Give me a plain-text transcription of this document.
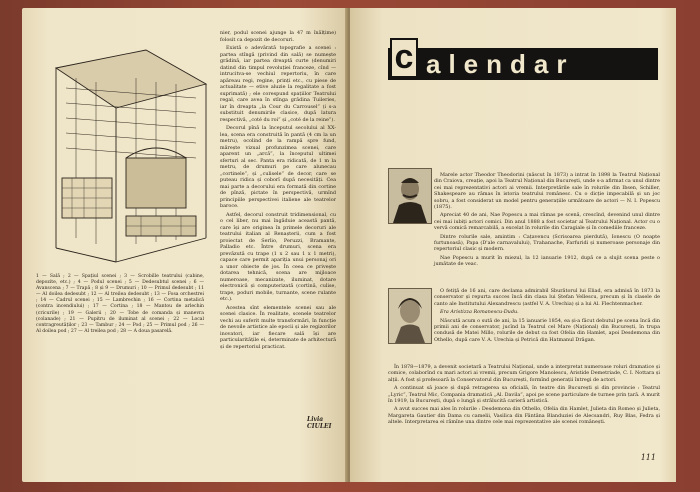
1 — Sală ; 2 — Spațiul scenei ; 3 — Scrobille teatrului (cabine, depozite, etc.) ; 4 — Podul scenei ; 5 — Dedesubtul scenei ; 6 — Avanscena ; 7 — Trapă ; 8 și 9 — Drumuri ; 10 — Primul dedesubt ; 11 — Al doilea dedesubt ; 12 — Al treilea dedesubt ; 13 — Fosa orchestrei ; 14 — Cadrul scenei ; 15 — Lambrechin ; 16 — Cortina metalică (contra incendiului) ; 17 — Cortina ; 18 — Mantou de arlechin (cricurile) ; 19 — Galerii ; 20 — Tobe de comanda și manevra (colanade) ; 21 — Pupitru de iluminat al scenei ; 22 — Local contragreutăților ; 23 — Tambur ; 24 — Pod ; 25 — Primul pod ; 26 — Al doilea pod ; 27 — Al treilea pod ; 28 — A doua pasarelă.

nier, podul scenei ajunge la 47 m înălțime) folosit ca depozit de decoruri.

Există o adevărată topografie a scenei : partea stîngă (privind din sală) se numește grădină, iar partea dreaptă curte (denumiri datind din timpul revoluției franceze, cînd — intrucitva-se vechiul repertoriu, în care apăreau regi, regine, prinți etc., cu piese de actualitate — etive aluzie la regalitate a fost suprimată) ; ele corespund spațiilor Teatrului regal, care avea în stînga grădina Tuileries, iar în dreapta „la Cour du Carrousel” (i s-a substituit denumirile clasice, după latura respectivă, „coté du roi” și „coté de la reine”).

Decorul pînă la începutul secolului al XX-lea, scena era construită în pantă (4 cm la un metru), ocolind de la rampă spre fund, mărește vizual profunzimea scenei, care aparent un „arcă”, la începutul ultimei sferturi al sec. Panta era ridicată, de 1 m la metru, de drumuri pe care alunecau „cortinele”, și „culisele” de decor, care se puteau ridica și coborî după necesități. Cea mai parte a decorului era formată din cortine de pînză, pictate în perspectivă, urmînd principiile perspectivei italiene ale teatrelor baroce.

Astfel, decorul construit tridimensional, cu o cel liber, nu mai îngăduie această pantă, care își are originea în primele decoruri ale teatrului italian al Renașterii, cum a fost proiectat de Serlio, Peruzzi, Bramante, Palladio etc. Între drumuri, scena era prevăzută cu trape (1 x 2 sau 1 x 1 metri), capace care permit apariția unui personaj ori a unor obiecte de jos. În ceea ce privește dotarea tehnică, scena are mijloace numeroase, mecanizate, iluminat, dotare electronică și computerizată (cortină, culise, trape, poduri mobile, turnante, scene rulante etc.).

Acestea sînt elementele scenei sau ale scenei clasice. În realitate, scenele teatrelor vechi au suferit multe transformări, în funcție de nevoile artistice ale epocii și ale regizorilor inovatori, iar fiecare sală își are particularitățile ei, determinate de arhitectură și de repertoriul practicat.

Livia CIULEI
c alendar

Marele actor Theodor Theodorini (născut în 1873) a intrat în 1898 la Teatrul Național din Craiova, creație, apoi la Teatrul Național din București, unde s-a afirmat ca unul dintre cei mai reprezentativi actori ai vremii. Interpretările sale în rolurile din Ibsen, Schiller, Shakespeare au rămas în istoria teatrului românesc. Cu o dicție impecabilă și un joc sobru, a fost considerat un model pentru generațiile următoare de actori — N. I. Popescu (1875).

Apreciat 40 de ani, Nae Popescu a mai rămas pe scenă, crescînd, devenind unul dintre cei mai iubiți actori comici. Din anul 1888 a fost societar al Teatrului Național. Actor cu o vervă comică remarcabilă, a excelat în rolurile din Caragiale și în comediile franceze.

Dintre rolurile sale, amintim : Cațavencu (Scrisoarea pierdută), Ionescu (O noapte furtunoasă), Papa (D'ale carnavalului), Trahanache, Farfuridi și numeroase personaje din repertoriul clasic și modern.

Nae Popescu a murit în miezul, la 12 ianuarie 1912, după ce a slujit scena peste o jumătate de veac.

O fetiță de 16 ani, care declama admirabil Sburătorul lui Eliad, era admisă în 1873 la conservator și repurta succes încă din clasa lui Ștefan Vellescu, precum și în clasele de canto ale Institutului Alexandrescu (astfel V. A. Urechia) și a lui Al. Flechtenmacher.

Era Aristizza Romanescu-Dudu.

Născută acum o sută de ani, la 15 ianuarie 1854, ea și-a făcut debutul pe scena încă din primii ani de conservator, jucînd la Teatrul cel Mare (Național) din București, în trupa condusă de Matei Millo, rolurile de debut ca fost Ofelia din Hamlet, apoi Desdemona din Othello, după care V. A. Urechia și Petrică din Hatmanul Drăgan.

În 1878—1879, a devenit societară a Teatrului Național, unde a interpretat numeroase roluri dramatice și comice, colaborînd cu mari actori ai vremii, precum Grigore Manolescu, Aristide Demetriade, C. I. Nottara și alții. A fost și profesoară la Conservatorul din București, formînd generații întregi de actori.

A continuat să joace și după retragerea sa oficială, în teatre din București și din provincie : Teatrul „Lyric”, Teatrul Mic, Compania dramatică „Al. Davila”, apoi pe scene particulare de turnee prin țară. A murit în 1919, la București, după o lungă și strălucită carieră artistică.

A avut succes mai ales în rolurile : Desdemona din Othello, Ofelia din Hamlet, Julieta din Romeo și Julieta, Margareta Gautier din Dama cu camelii, Vasilica din Fântâna Blanduziei de Alecsandri, Ruy Blas, Fedra și altele. Interpretarea ei rămîne una dintre cele mai reprezentative ale scenei românești.

111
